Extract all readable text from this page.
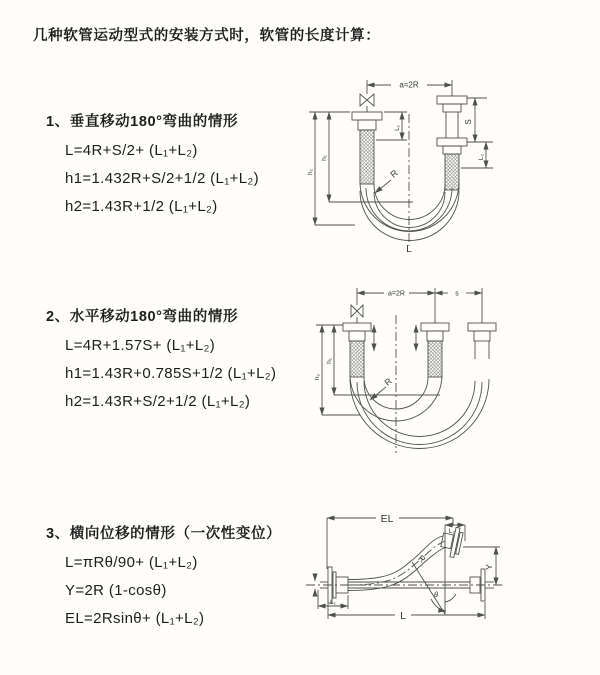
几种软管运动型式的安装方式时，软管的长度计算：
1、垂直移动180°弯曲的情形
L=4R+S/2+ (L₁+L₂)
h1=1.432R+S/2+1/2 (L₁+L₂)
h2=1.43R+1/2 (L₁+L₂)
a=2R
S
L₂
L₁
h₁
h₂	R
L
2、水平移动180°弯曲的情形
L=4R+1.57S+ (L₁+L₂)
h1=1.43R+0.785S+1/2 (L₁+L₂)
h2=1.43R+S/2+1/2 (L₁+L₂)
a=2R	s
h₁
h₂	R
3、横向位移的情形（一次性变位）
L=πRθ/90+ (L₁+L₂)
Y=2R (1-cosθ)
EL=2Rsinθ+ (L₁+L₂)
EL
L₂
Y
R
θ
L
L₁
